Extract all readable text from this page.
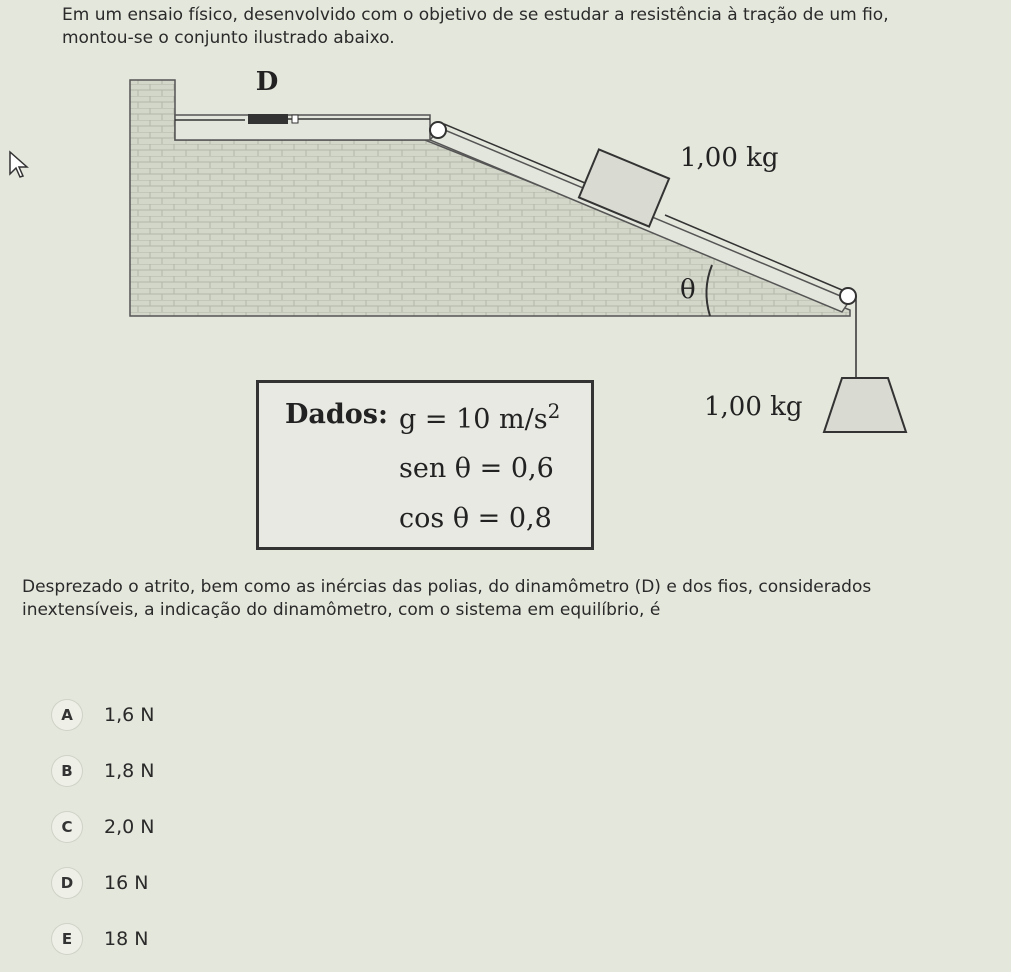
Em um ensaio físico, desenvolvido com o objetivo de se estudar a resistência à tração de um fio, montou-se o conjunto ilustrado abaixo.

D
1,00 kg
θ
1,00 kg
Dados: g = 10 $m/s^2$
sen θ = 0,6
cos θ = 0,8

Desprezado o atrito, bem como as inércias das polias, do dinamômetro (D) e dos fios, considerados inextensíveis, a indicação do dinamômetro, com o sistema em equilíbrio, é

A	1,6 N
B	1,8 N
C	2,0 N
D	16 N
E	18 N
